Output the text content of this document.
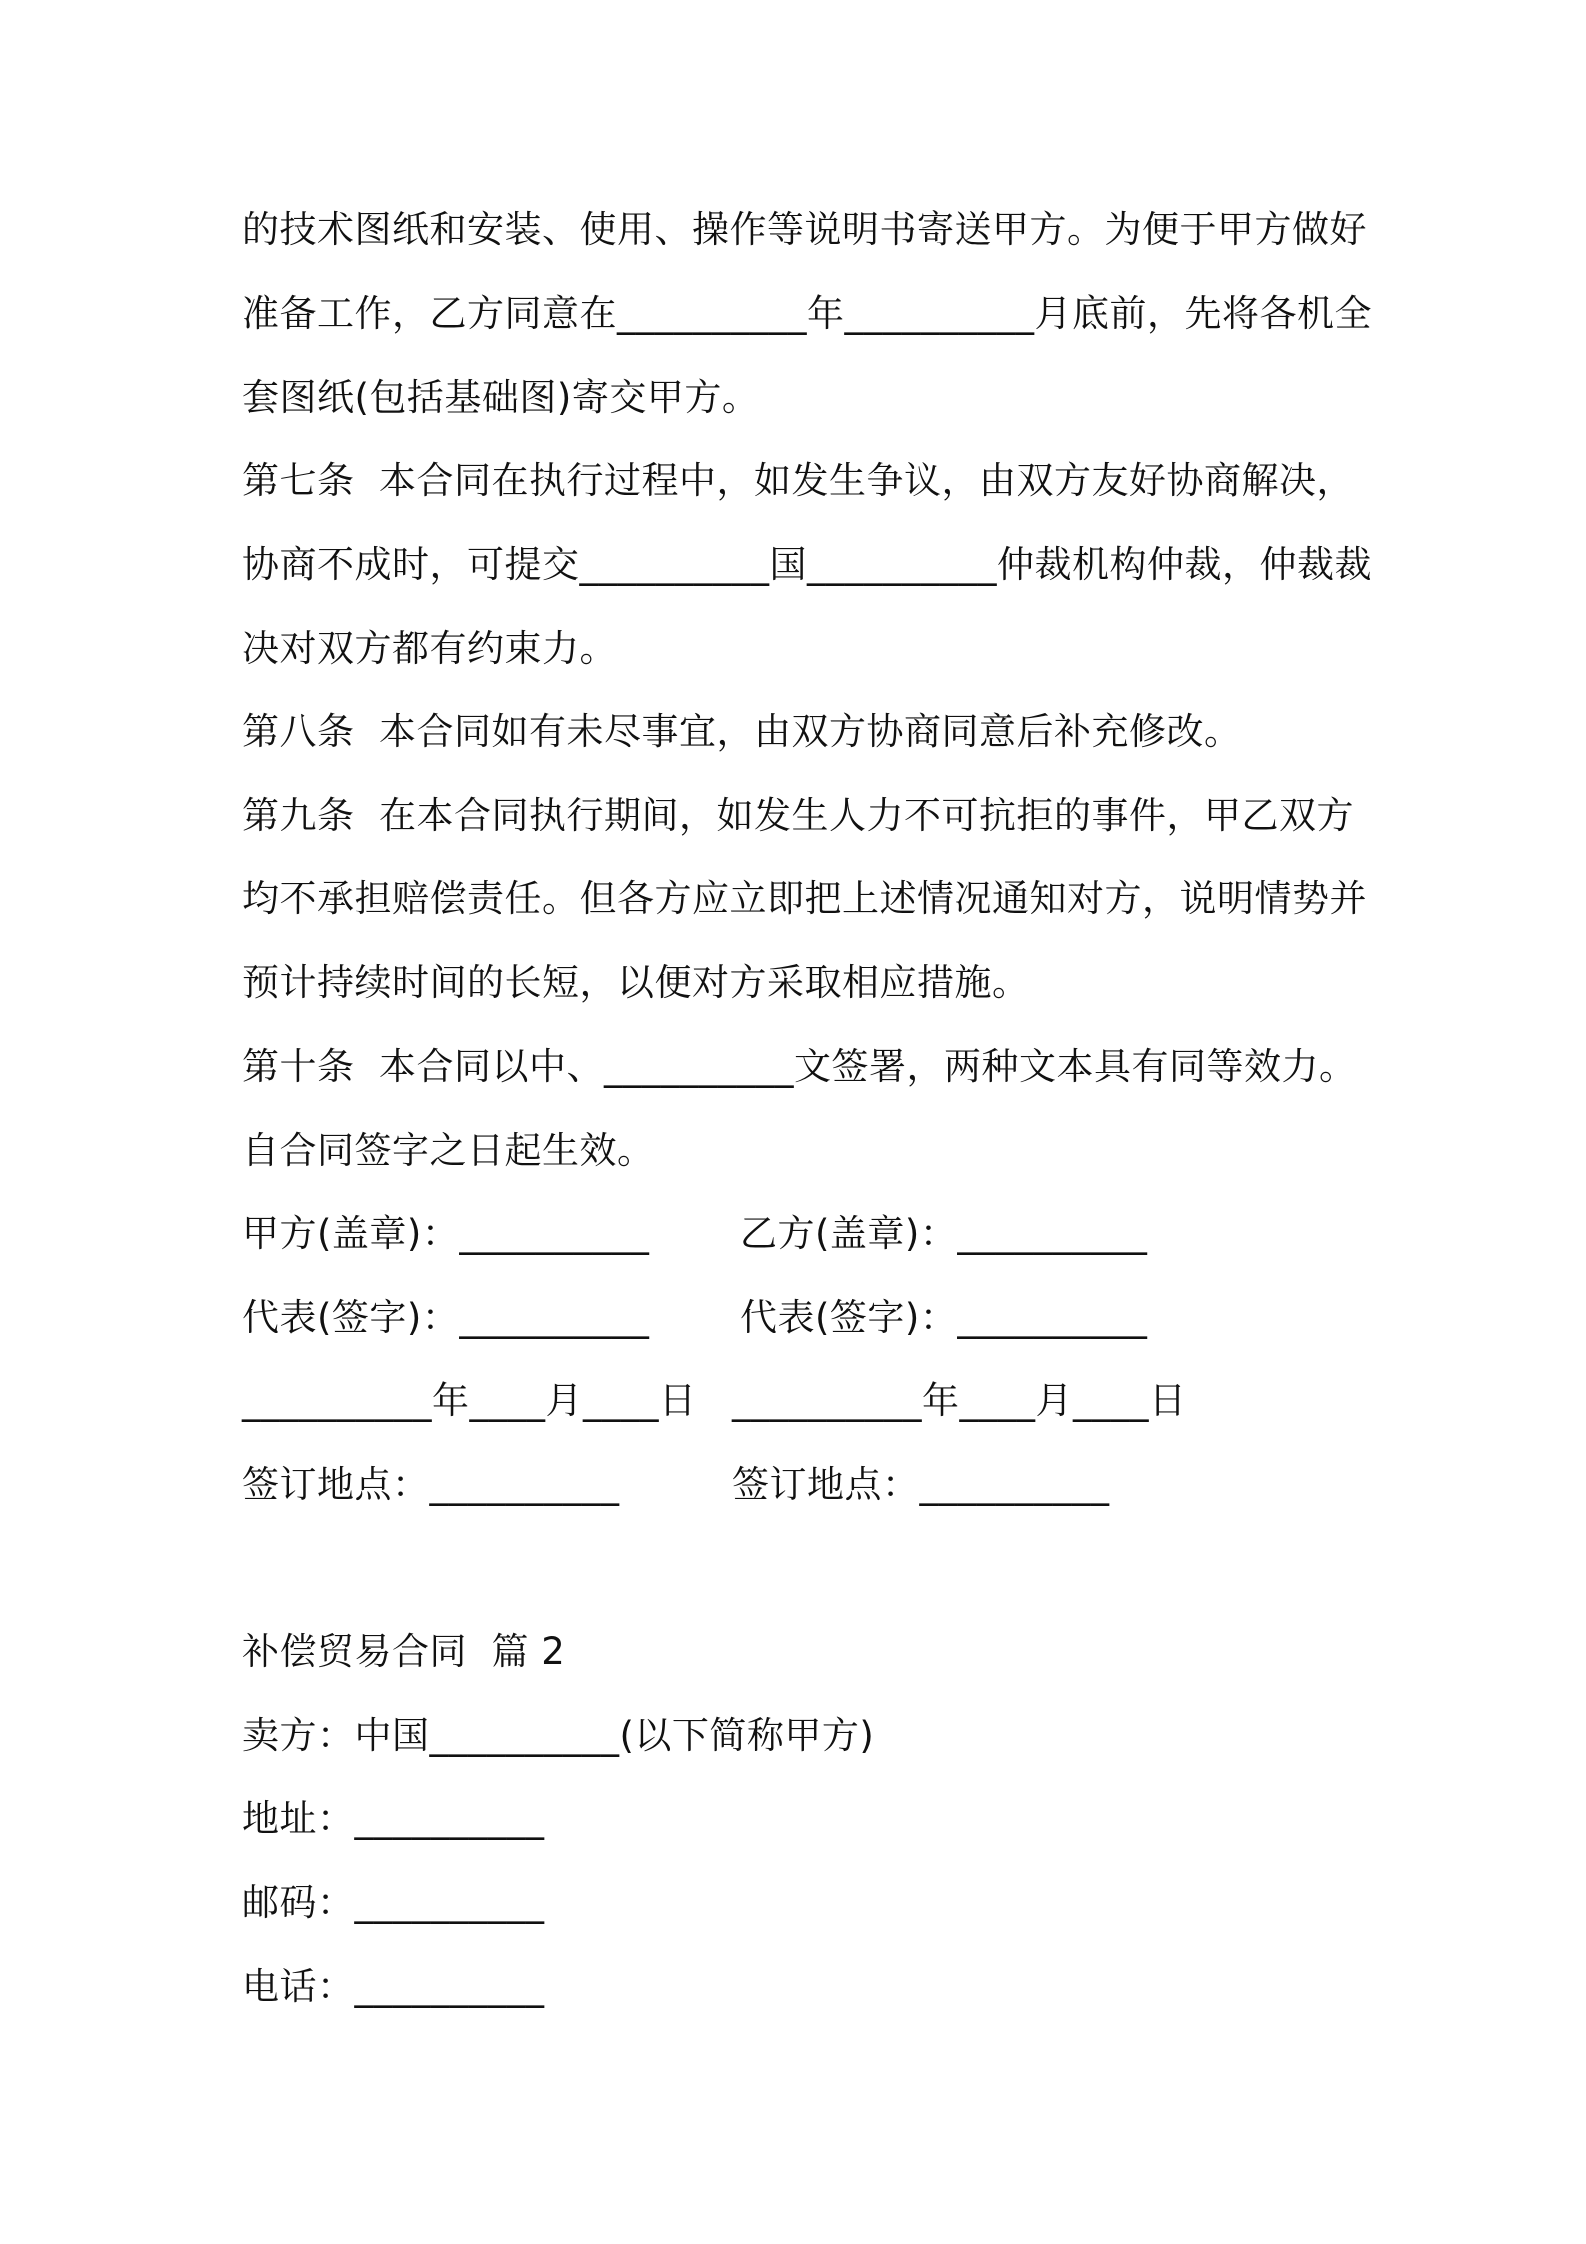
的技术图纸和安装、使用、操作等说明书寄送甲方。为便于甲方做好
准备工作，乙方同意在__________年__________月底前，先将各机全
套图纸(包括基础图)寄交甲方。
第七条  本合同在执行过程中，如发生争议，由双方友好协商解决，
协商不成时，可提交__________国__________仲裁机构仲裁，仲裁裁
决对双方都有约束力。
第八条  本合同如有未尽事宜，由双方协商同意后补充修改。
第九条  在本合同执行期间，如发生人力不可抗拒的事件，甲乙双方
均不承担赔偿责任。但各方应立即把上述情况通知对方，说明情势并
预计持续时间的长短，以便对方采取相应措施。
第十条  本合同以中、__________文签署，两种文本具有同等效力。
自合同签字之日起生效。
甲方(盖章)：__________ 乙方(盖章)：__________
代表(签字)：__________ 代表(签字)：__________
__________年____月____日 __________年____月____日
签订地点：__________	签订地点：__________
补偿贸易合同  篇 2
卖方：中国__________(以下简称甲方)
地址：__________
邮码：__________
电话：__________
